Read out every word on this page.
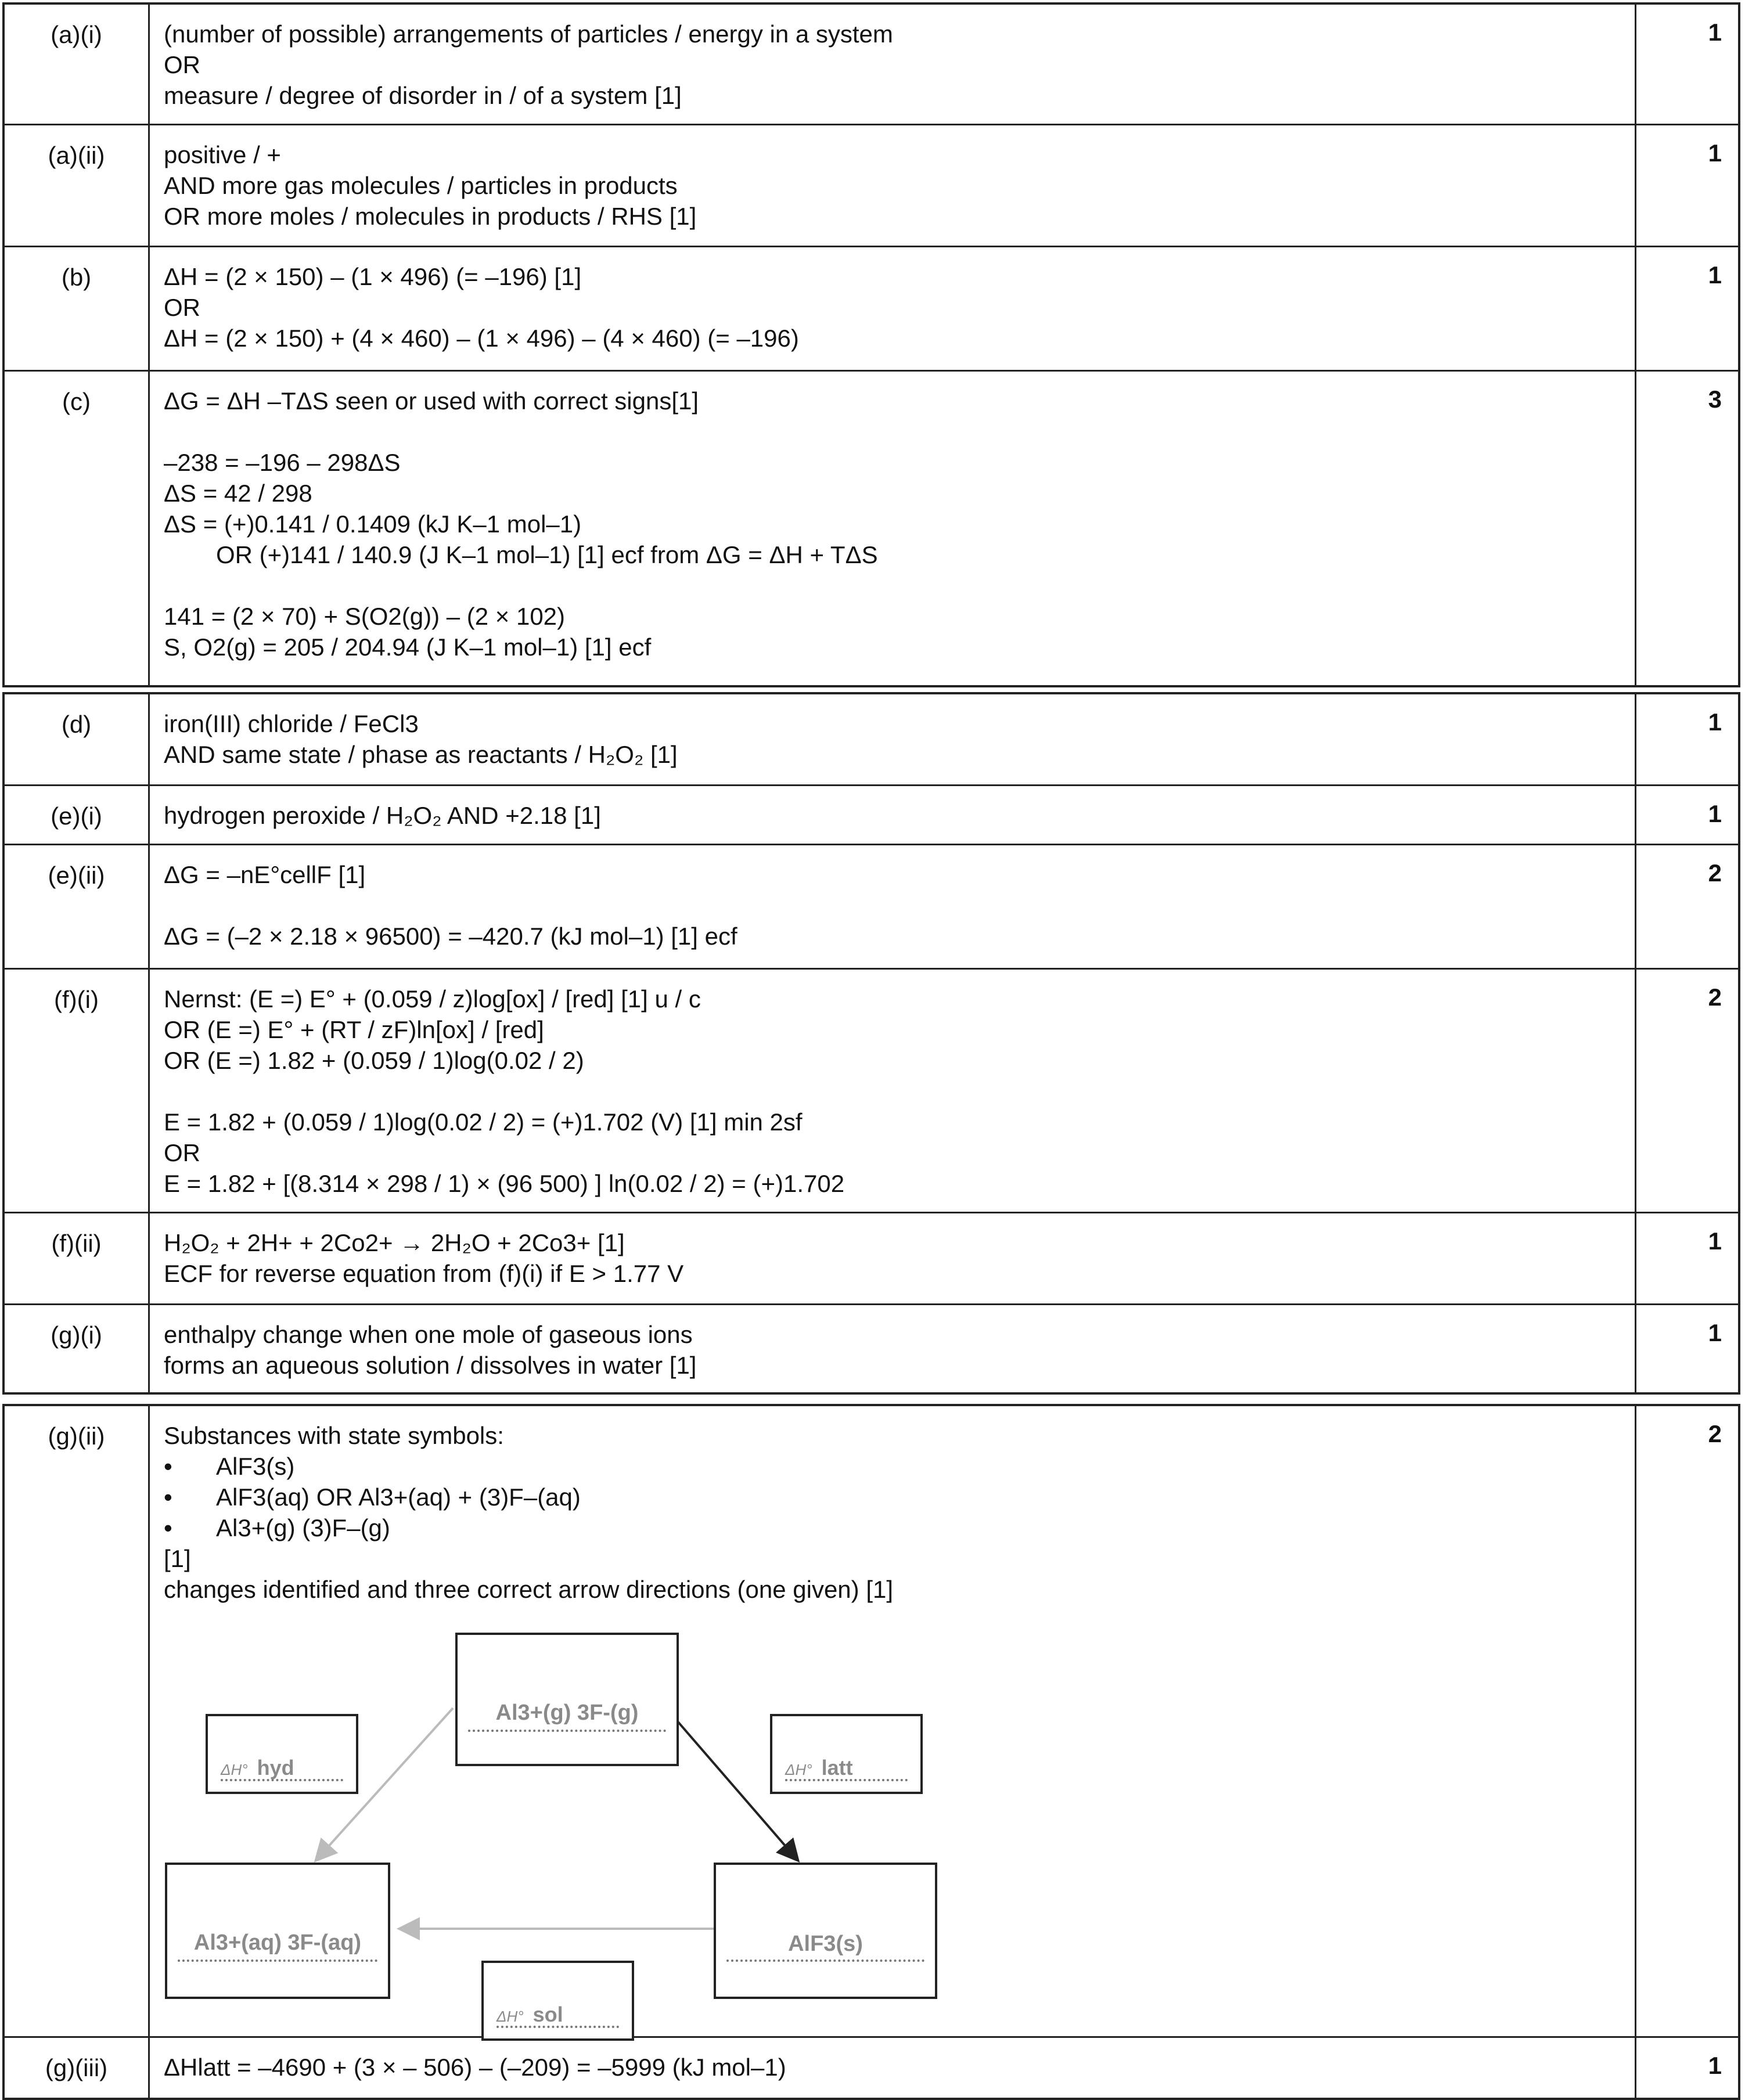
(a)(i)	(number of possible) arrangements of particles / energy in a system
OR
measure / degree of disorder in / of a system [1]
1
(a)(ii)	positive / +
AND more gas molecules / particles in products
OR more moles / molecules in products / RHS [1]
1
(b)	ΔH = (2 × 150) – (1 × 496) (= –196) [1]
OR
ΔH = (2 × 150) + (4 × 460) – (1 × 496) – (4 × 460) (= –196)
1
(c)	ΔG = ΔH –TΔS seen or used with correct signs[1]
–238 = –196 – 298ΔS
ΔS = 42 / 298
ΔS = (+)0.141 / 0.1409 (kJ K–1 mol–1)
OR (+)141 / 140.9 (J K–1 mol–1) [1] ecf from ΔG = ΔH + TΔS
141 = (2 × 70) + S(O2(g)) – (2 × 102)
S, O2(g) = 205 / 204.94 (J K–1 mol–1) [1] ecf
3
(d)	iron(III) chloride / FeCl3
AND same state / phase as reactants / H₂O₂ [1]
1
(e)(i)	hydrogen peroxide / H₂O₂ AND +2.18 [1]	1
(e)(ii)	ΔG = –nE°cellF [1]
ΔG = (–2 × 2.18 × 96500) = –420.7 (kJ mol–1) [1] ecf
2
(f)(i)	Nernst: (E =) E° + (0.059 / z)log[ox] / [red] [1] u / c
OR (E =) E° + (RT / zF)ln[ox] / [red]
OR (E =) 1.82 + (0.059 / 1)log(0.02 / 2)
E = 1.82 + (0.059 / 1)log(0.02 / 2) = (+)1.702 (V) [1] min 2sf
OR
E = 1.82 + [(8.314 × 298 / 1) × (96 500) ] ln(0.02 / 2) = (+)1.702
2
(f)(ii)	H₂O₂ + 2H+ + 2Co2+ → 2H₂O + 2Co3+ [1]
ECF for reverse equation from (f)(i) if E > 1.77 V
1
(g)(i)	enthalpy change when one mole of gaseous ions
forms an aqueous solution / dissolves in water [1]
1
(g)(ii)	Substances with state symbols:
• AlF3(s)
• AlF3(aq) OR Al3+(aq) + (3)F–(aq)
• Al3+(g) (3)F–(g)
[1]
changes identified and three correct arrow directions (one given) [1]
Al3+(g) 3F-(g)
ΔH° hyd	ΔH° latt
Al3+(aq) 3F-(aq)	AlF3(s)
ΔH° sol
2
(g)(iii)	ΔHlatt = –4690 + (3 × – 506) – (–209) = –5999 (kJ mol–1)	1
